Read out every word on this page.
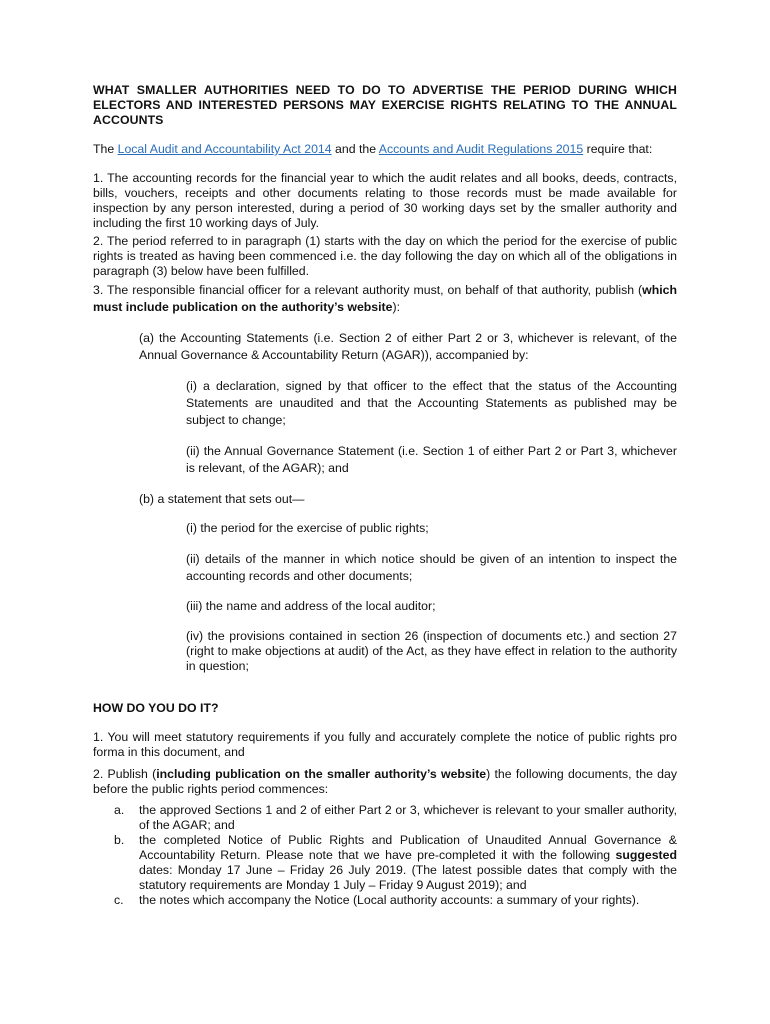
WHAT SMALLER AUTHORITIES NEED TO DO TO ADVERTISE THE PERIOD DURING WHICH ELECTORS AND INTERESTED PERSONS MAY EXERCISE RIGHTS RELATING TO THE ANNUAL ACCOUNTS

The Local Audit and Accountability Act 2014 and the Accounts and Audit Regulations 2015 require that:

1. The accounting records for the financial year to which the audit relates and all books, deeds, contracts, bills, vouchers, receipts and other documents relating to those records must be made available for inspection by any person interested, during a period of 30 working days set by the smaller authority and including the first 10 working days of July.

2. The period referred to in paragraph (1) starts with the day on which the period for the exercise of public rights is treated as having been commenced i.e. the day following the day on which all of the obligations in paragraph (3) below have been fulfilled.

3. The responsible financial officer for a relevant authority must, on behalf of that authority, publish (which must include publication on the authority’s website):

(a) the Accounting Statements (i.e. Section 2 of either Part 2 or 3, whichever is relevant, of the Annual Governance & Accountability Return (AGAR)), accompanied by:

(i) a declaration, signed by that officer to the effect that the status of the Accounting Statements are unaudited and that the Accounting Statements as published may be subject to change;

(ii) the Annual Governance Statement (i.e. Section 1 of either Part 2 or Part 3, whichever is relevant, of the AGAR); and

(b) a statement that sets out—

(i) the period for the exercise of public rights;

(ii) details of the manner in which notice should be given of an intention to inspect the accounting records and other documents;

(iii) the name and address of the local auditor;

(iv) the provisions contained in section 26 (inspection of documents etc.) and section 27 (right to make objections at audit) of the Act, as they have effect in relation to the authority in question;

HOW DO YOU DO IT?

1. You will meet statutory requirements if you fully and accurately complete the notice of public rights pro forma in this document, and

2. Publish (including publication on the smaller authority’s website) the following documents, the day before the public rights period commences:

a. the approved Sections 1 and 2 of either Part 2 or 3, whichever is relevant to your smaller authority, of the AGAR; and
b. the completed Notice of Public Rights and Publication of Unaudited Annual Governance & Accountability Return. Please note that we have pre-completed it with the following suggested dates: Monday 17 June – Friday 26 July 2019. (The latest possible dates that comply with the statutory requirements are Monday 1 July – Friday 9 August 2019); and
c. the notes which accompany the Notice (Local authority accounts: a summary of your rights).
